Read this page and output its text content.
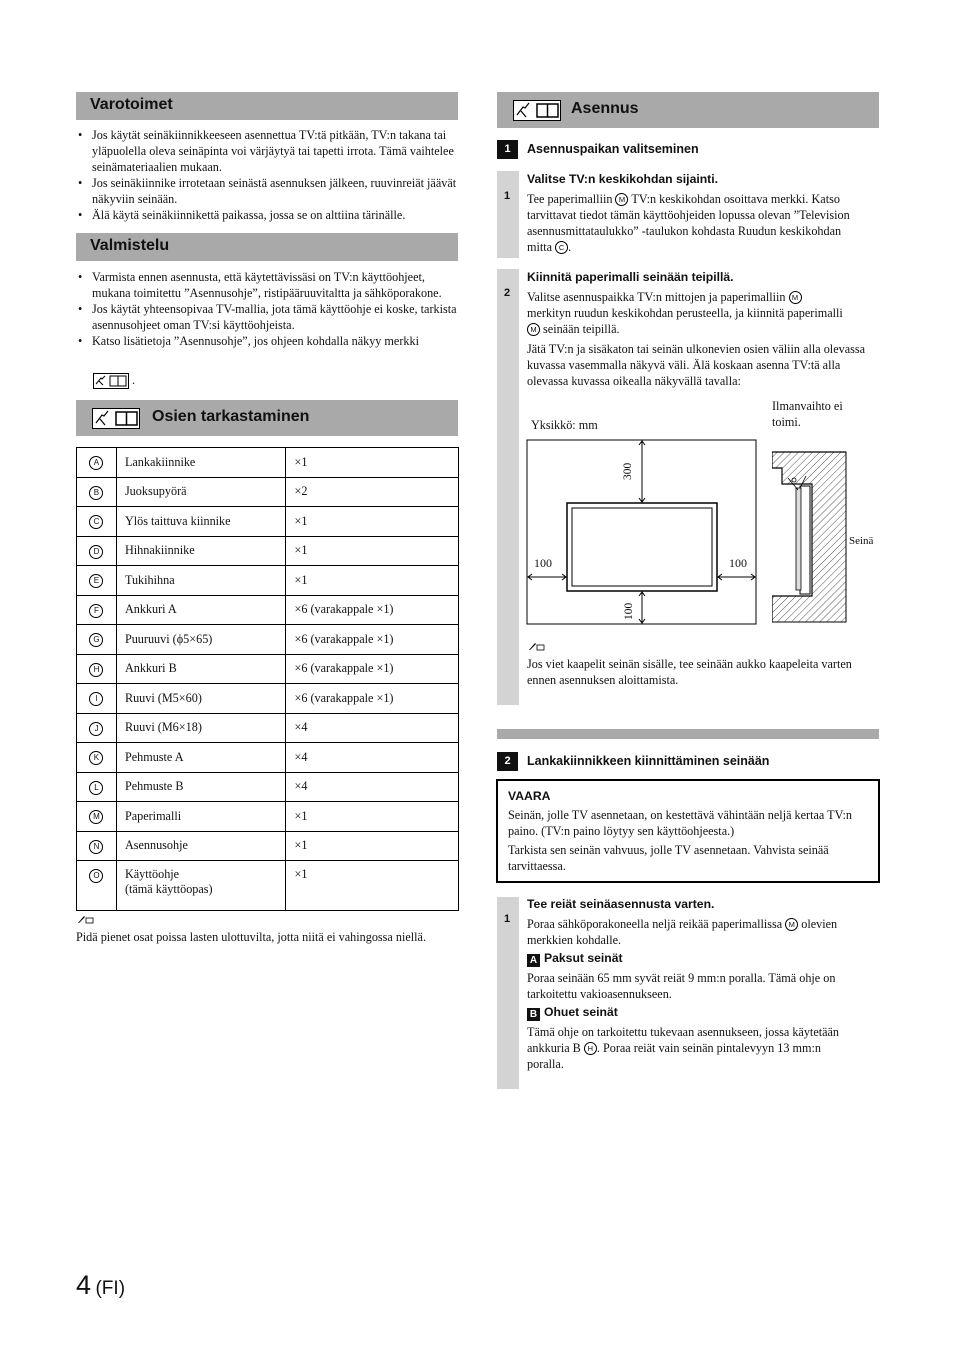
Varotoimet
• Jos käytät seinäkiinnikkeeseen asennettua TV:tä pitkään, TV:n takana tai yläpuolella oleva seinäpinta voi värjäytyä tai tapetti irrota. Tämä vaihtelee seinämateriaalien mukaan.
• Jos seinäkiinnike irrotetaan seinästä asennuksen jälkeen, ruuvinreiät jäävät näkyviin seinään.
• Älä käytä seinäkiinnikettä paikassa, jossa se on alttiina tärinälle.
Valmistelu
• Varmista ennen asennusta, että käytettävissäsi on TV:n käyttöohjeet, mukana toimitettu ”Asennusohje”, ristipääruuvitaltta ja sähköporakone.
• Jos käytät yhteensopivaa TV-mallia, jota tämä käyttöohje ei koske, tarkista asennusohjeet oman TV:si käyttöohjeista.
• Katso lisätietoja ”Asennusohje”, jos ohjeen kohdalla näkyy merkki
.
Osien tarkastaminen
A	Lankakiinnike	×1
B	Juoksupyörä	×2
C	Ylös taittuva kiinnike	×1
D	Hihnakiinnike	×1
E	Tukihihna	×1
F	Ankkuri A	×6 (varakappale ×1)
G	Puuruuvi (ϕ5×65)	×6 (varakappale ×1)
H	Ankkuri B	×6 (varakappale ×1)
I	Ruuvi (M5×60)	×6 (varakappale ×1)
J	Ruuvi (M6×18)	×4
K	Pehmuste A	×4
L	Pehmuste B	×4
M	Paperimalli	×1
N	Asennusohje	×1
O	Käyttöohje
(tämä käyttöopas)	×1
Pidä pienet osat poissa lasten ulottuvilta, jotta niitä ei vahingossa niellä.
Asennus
1	Asennuspaikan valitseminen
1
Valitse TV:n keskikohdan sijainti.
Tee paperimalliin M TV:n keskikohdan osoittava merkki. Katso
tarvittavat tiedot tämän käyttöohjeiden lopussa olevan ”Television
asennusmittataulukko” -taulukon kohdasta Ruudun keskikohdan
mitta C .
2
Kiinnitä paperimalli seinään teipillä.
Valitse asennuspaikka TV:n mittojen ja paperimalliin M
merkityn ruudun keskikohdan perusteella, ja kiinnitä paperimalli
M seinään teipillä.
Jätä TV:n ja sisäkaton tai seinän ulkonevien osien väliin alla olevassa kuvassa vasemmalla näkyvä väli. Älä koskaan asenna TV:tä alla olevassa kuvassa oikealla näkyvällä tavalla:
Yksikkö: mm
Ilmanvaihto ei toimi.
300
100	100
100
Seinä
Jos viet kaapelit seinän sisälle, tee seinään aukko kaapeleita varten ennen asennuksen aloittamista.
2	Lankakiinnikkeen kiinnittäminen seinään
VAARA
Seinän, jolle TV asennetaan, on kestettävä vähintään neljä kertaa TV:n paino. (TV:n paino löytyy sen käyttöohjeesta.)
Tarkista sen seinän vahvuus, jolle TV asennetaan. Vahvista seinää tarvittaessa.
1
Tee reiät seinäasennusta varten.
Poraa sähköporakoneella neljä reikää paperimallissa M olevien
merkkien kohdalle.
A Paksut seinät
Poraa seinään 65 mm syvät reiät 9 mm:n poralla. Tämä ohje on tarkoitettu vakioasennukseen.
B Ohuet seinät
Tämä ohje on tarkoitettu tukevaan asennukseen, jossa käytetään
ankkuria B H . Poraa reiät vain seinän pintalevyyn 13 mm:n
poralla.
4 (FI)
